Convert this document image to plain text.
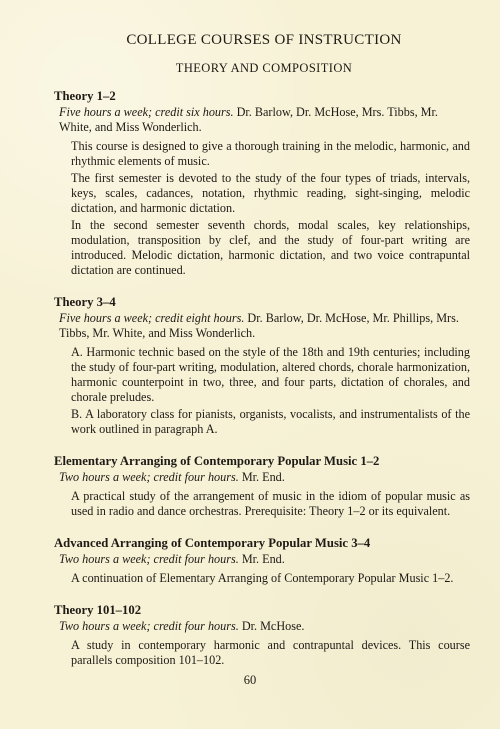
COLLEGE COURSES OF INSTRUCTION
THEORY AND COMPOSITION
Theory 1–2
Five hours a week; credit six hours. Dr. Barlow, Dr. McHose, Mrs. Tibbs, Mr. White, and Miss Wonderlich.
This course is designed to give a thorough training in the melodic, harmonic, and rhythmic elements of music.
The first semester is devoted to the study of the four types of triads, intervals, keys, scales, cadances, notation, rhythmic reading, sight-singing, melodic dictation, and harmonic dictation.
In the second semester seventh chords, modal scales, key relationships, modulation, transposition by clef, and the study of four-part writing are introduced. Melodic dictation, harmonic dictation, and two voice contrapuntal dictation are continued.
Theory 3–4
Five hours a week; credit eight hours. Dr. Barlow, Dr. McHose, Mr. Phillips, Mrs. Tibbs, Mr. White, and Miss Wonderlich.
A. Harmonic technic based on the style of the 18th and 19th centuries; including the study of four-part writing, modulation, altered chords, chorale harmonization, harmonic counterpoint in two, three, and four parts, dictation of chorales, and chorale preludes.
B. A laboratory class for pianists, organists, vocalists, and instrumentalists of the work outlined in paragraph A.
Elementary Arranging of Contemporary Popular Music 1–2
Two hours a week; credit four hours. Mr. End.
A practical study of the arrangement of music in the idiom of popular music as used in radio and dance orchestras. Prerequisite: Theory 1–2 or its equivalent.
Advanced Arranging of Contemporary Popular Music 3–4
Two hours a week; credit four hours. Mr. End.
A continuation of Elementary Arranging of Contemporary Popular Music 1–2.
Theory 101–102
Two hours a week; credit four hours. Dr. McHose.
A study in contemporary harmonic and contrapuntal devices. This course parallels composition 101–102.
60
